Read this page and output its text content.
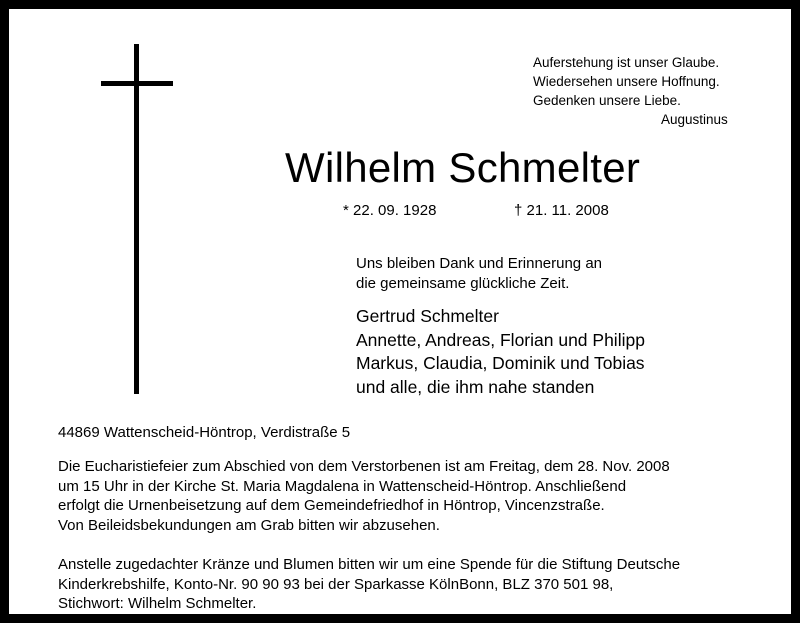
Auferstehung ist unser Glaube.
Wiedersehen unsere Hoffnung.
Gedenken unsere Liebe.
Augustinus
Wilhelm Schmelter
* 22. 09. 1928	† 21. 11. 2008
Uns bleiben Dank und Erinnerung an
die gemeinsame glückliche Zeit.
Gertrud Schmelter
Annette, Andreas, Florian und Philipp
Markus, Claudia, Dominik und Tobias
und alle, die ihm nahe standen
44869 Wattenscheid-Höntrop, Verdistraße 5
Die Eucharistiefeier zum Abschied von dem Verstorbenen ist am Freitag, dem 28. Nov. 2008
um 15 Uhr in der Kirche St. Maria Magdalena in Wattenscheid-Höntrop. Anschließend
erfolgt die Urnenbeisetzung auf dem Gemeindefriedhof in Höntrop, Vincenzstraße.
Von Beileidsbekundungen am Grab bitten wir abzusehen.
Anstelle zugedachter Kränze und Blumen bitten wir um eine Spende für die Stiftung Deutsche
Kinderkrebshilfe, Konto-Nr. 90 90 93 bei der Sparkasse KölnBonn, BLZ 370 501 98,
Stichwort: Wilhelm Schmelter.
